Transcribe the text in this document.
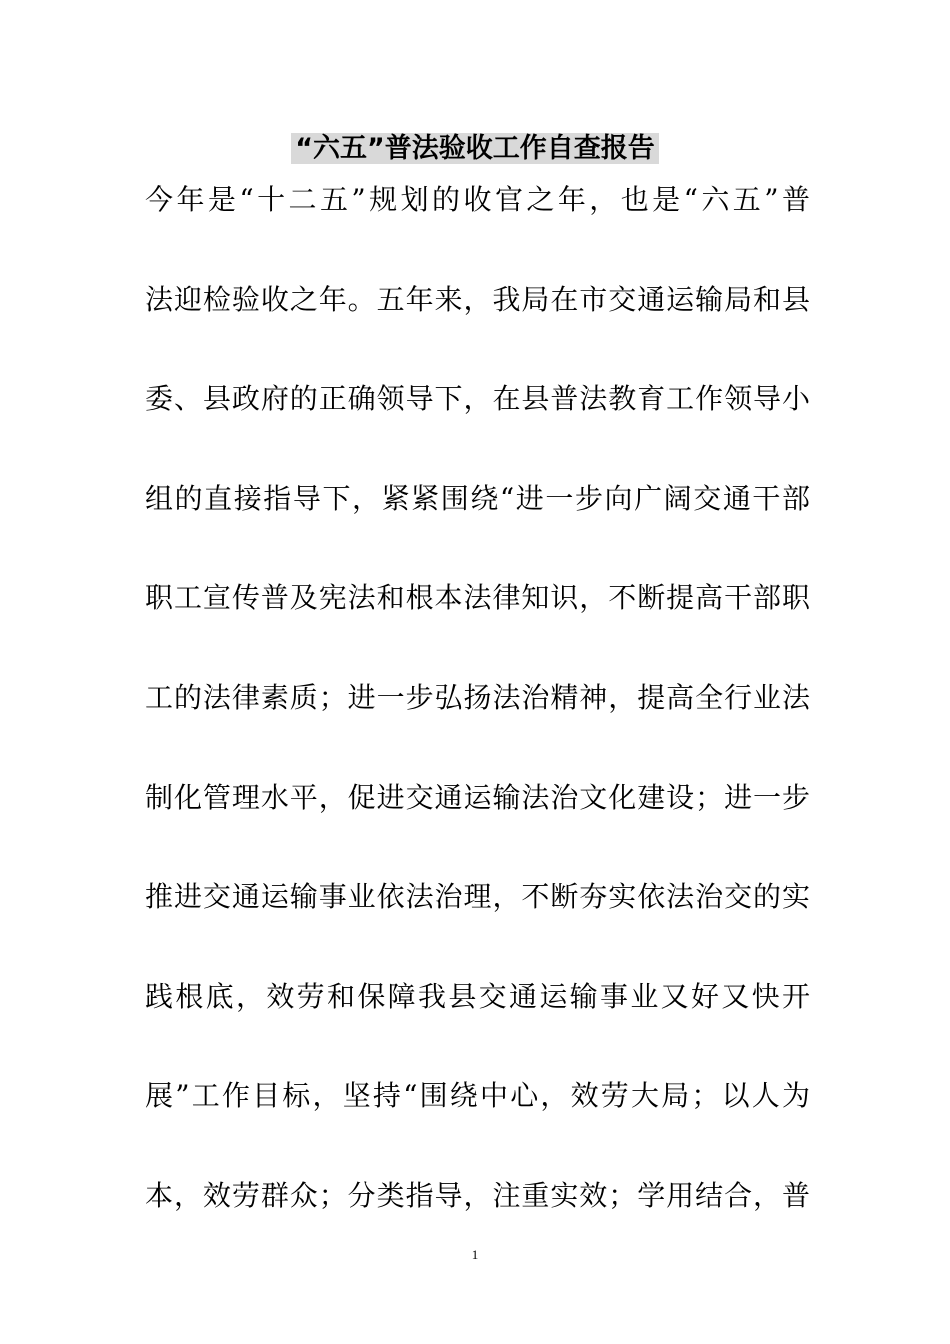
“六五”普法验收工作自查报告
今年是“十二五”规划的收官之年，也是“六五”普
法迎检验收之年。五年来，我局在市交通运输局和县
委、县政府的正确领导下，在县普法教育工作领导小
组的直接指导下，紧紧围绕“进一步向广阔交通干部
职工宣传普及宪法和根本法律知识，不断提高干部职
工的法律素质；进一步弘扬法治精神，提高全行业法
制化管理水平，促进交通运输法治文化建设；进一步
推进交通运输事业依法治理，不断夯实依法治交的实
践根底，效劳和保障我县交通运输事业又好又快开
展”工作目标，坚持“围绕中心，效劳大局；以人为
本，效劳群众；分类指导，注重实效；学用结合，普
1
